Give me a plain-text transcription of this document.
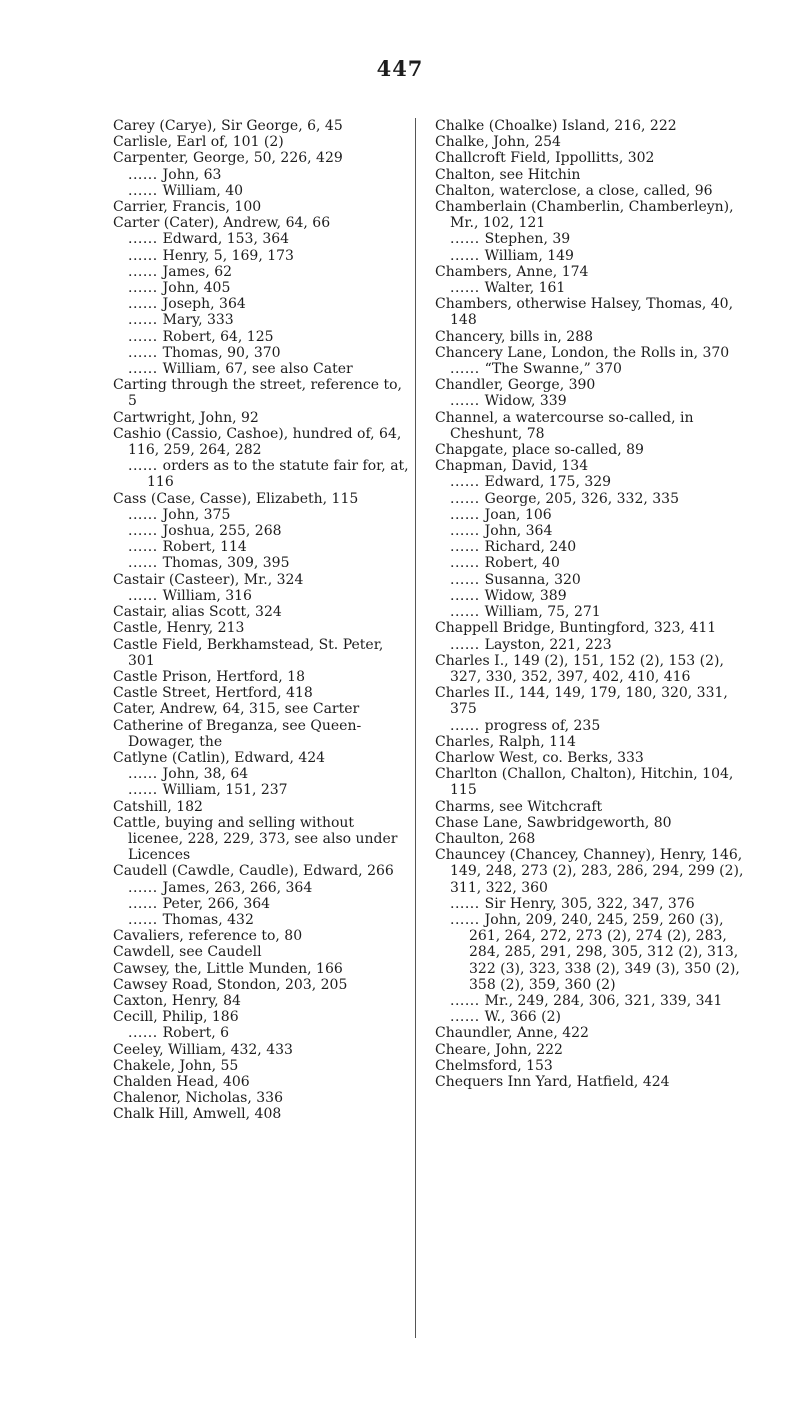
447
Carey (Carye), Sir George, 6, 45
Carlisle, Earl of, 101 (2)
Carpenter, George, 50, 226, 429
...... John, 63
...... William, 40
Carrier, Francis, 100
Carter (Cater), Andrew, 64, 66
...... Edward, 153, 364
...... Henry, 5, 169, 173
...... James, 62
...... John, 405
...... Joseph, 364
...... Mary, 333
...... Robert, 64, 125
...... Thomas, 90, 370
...... William, 67, see also Cater
Carting through the street, reference to, 5
Cartwright, John, 92
Cashio (Cassio, Cashoe), hundred of, 64, 116, 259, 264, 282
...... orders as to the statute fair for, at, 116
Cass (Case, Casse), Elizabeth, 115
...... John, 375
...... Joshua, 255, 268
...... Robert, 114
...... Thomas, 309, 395
Castair (Casteer), Mr., 324
...... William, 316
Castair, alias Scott, 324
Castle, Henry, 213
Castle Field, Berkhamstead, St. Peter, 301
Castle Prison, Hertford, 18
Castle Street, Hertford, 418
Cater, Andrew, 64, 315, see Carter
Catherine of Breganza, see Queen-Dowager, the
Catlyne (Catlin), Edward, 424
...... John, 38, 64
...... William, 151, 237
Catshill, 182
Cattle, buying and selling without licenee, 228, 229, 373, see also under Licences
Caudell (Cawdle, Caudle), Edward, 266
...... James, 263, 266, 364
...... Peter, 266, 364
...... Thomas, 432
Cavaliers, reference to, 80
Cawdell, see Caudell
Cawsey, the, Little Munden, 166
Cawsey Road, Stondon, 203, 205
Caxton, Henry, 84
Cecill, Philip, 186
...... Robert, 6
Ceeley, William, 432, 433
Chakele, John, 55
Chalden Head, 406
Chalenor, Nicholas, 336
Chalk Hill, Amwell, 408
Chalke (Choalke) Island, 216, 222
Chalke, John, 254
Challcroft Field, Ippollitts, 302
Chalton, see Hitchin
Chalton, waterclose, a close, called, 96
Chamberlain (Chamberlin, Chamberleyn), Mr., 102, 121
...... Stephen, 39
...... William, 149
Chambers, Anne, 174
...... Walter, 161
Chambers, otherwise Halsey, Thomas, 40, 148
Chancery, bills in, 288
Chancery Lane, London, the Rolls in, 370
...... “The Swanne,” 370
Chandler, George, 390
...... Widow, 339
Channel, a watercourse so-called, in Cheshunt, 78
Chapgate, place so-called, 89
Chapman, David, 134
...... Edward, 175, 329
...... George, 205, 326, 332, 335
...... Joan, 106
...... John, 364
...... Richard, 240
...... Robert, 40
...... Susanna, 320
...... Widow, 389
...... William, 75, 271
Chappell Bridge, Buntingford, 323, 411
...... Layston, 221, 223
Charles I., 149 (2), 151, 152 (2), 153 (2), 327, 330, 352, 397, 402, 410, 416
Charles II., 144, 149, 179, 180, 320, 331, 375
...... progress of, 235
Charles, Ralph, 114
Charlow West, co. Berks, 333
Charlton (Challon, Chalton), Hitchin, 104, 115
Charms, see Witchcraft
Chase Lane, Sawbridgeworth, 80
Chaulton, 268
Chauncey (Chancey, Channey), Henry, 146, 149, 248, 273 (2), 283, 286, 294, 299 (2), 311, 322, 360
...... Sir Henry, 305, 322, 347, 376
...... John, 209, 240, 245, 259, 260 (3), 261, 264, 272, 273 (2), 274 (2), 283, 284, 285, 291, 298, 305, 312 (2), 313, 322 (3), 323, 338 (2), 349 (3), 350 (2), 358 (2), 359, 360 (2)
...... Mr., 249, 284, 306, 321, 339, 341
...... W., 366 (2)
Chaundler, Anne, 422
Cheare, John, 222
Chelmsford, 153
Chequers Inn Yard, Hatfield, 424
